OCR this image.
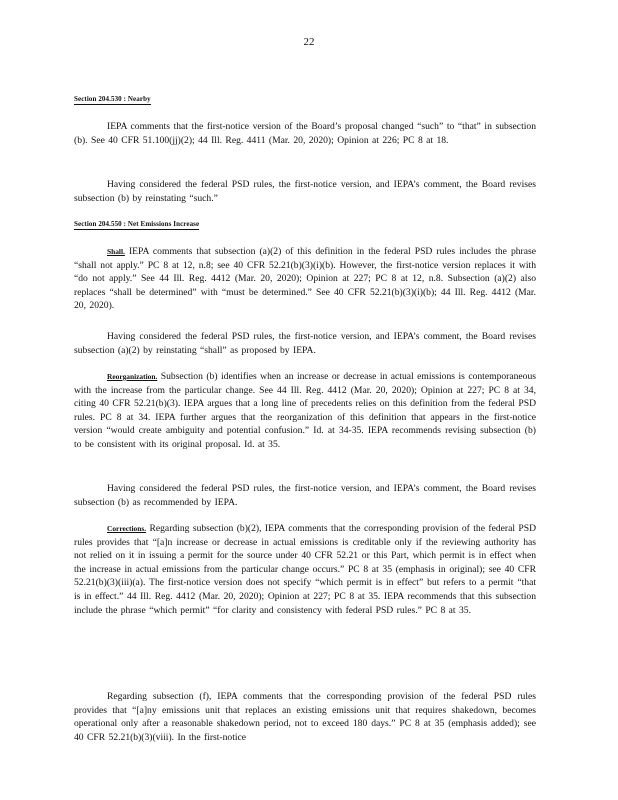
22
Section 204.530 : Nearby
IEPA comments that the first-notice version of the Board’s proposal changed “such” to “that” in subsection (b). See 40 CFR 51.100(jj)(2); 44 Ill. Reg. 4411 (Mar. 20, 2020); Opinion at 226; PC 8 at 18.
Having considered the federal PSD rules, the first-notice version, and IEPA’s comment, the Board revises subsection (b) by reinstating “such.”
Section 204.550 : Net Emissions Increase
Shall. IEPA comments that subsection (a)(2) of this definition in the federal PSD rules includes the phrase “shall not apply.” PC 8 at 12, n.8; see 40 CFR 52.21(b)(3)(i)(b). However, the first-notice version replaces it with “do not apply.” See 44 Ill. Reg. 4412 (Mar. 20, 2020); Opinion at 227; PC 8 at 12, n.8. Subsection (a)(2) also replaces “shall be determined” with “must be determined.” See 40 CFR 52.21(b)(3)(i)(b); 44 Ill. Reg. 4412 (Mar. 20, 2020).
Having considered the federal PSD rules, the first-notice version, and IEPA’s comment, the Board revises subsection (a)(2) by reinstating “shall” as proposed by IEPA.
Reorganization. Subsection (b) identifies when an increase or decrease in actual emissions is contemporaneous with the increase from the particular change. See 44 Ill. Reg. 4412 (Mar. 20, 2020); Opinion at 227; PC 8 at 34, citing 40 CFR 52.21(b)(3). IEPA argues that a long line of precedents relies on this definition from the federal PSD rules. PC 8 at 34. IEPA further argues that the reorganization of this definition that appears in the first-notice version “would create ambiguity and potential confusion.” Id. at 34-35. IEPA recommends revising subsection (b) to be consistent with its original proposal. Id. at 35.
Having considered the federal PSD rules, the first-notice version, and IEPA’s comment, the Board revises subsection (b) as recommended by IEPA.
Corrections. Regarding subsection (b)(2), IEPA comments that the corresponding provision of the federal PSD rules provides that “[a]n increase or decrease in actual emissions is creditable only if the reviewing authority has not relied on it in issuing a permit for the source under 40 CFR 52.21 or this Part, which permit is in effect when the increase in actual emissions from the particular change occurs.” PC 8 at 35 (emphasis in original); see 40 CFR 52.21(b)(3)(iii)(a). The first-notice version does not specify “which permit is in effect” but refers to a permit “that is in effect.” 44 Ill. Reg. 4412 (Mar. 20, 2020); Opinion at 227; PC 8 at 35. IEPA recommends that this subsection include the phrase “which permit” “for clarity and consistency with federal PSD rules.” PC 8 at 35.
Regarding subsection (f), IEPA comments that the corresponding provision of the federal PSD rules provides that “[a]ny emissions unit that replaces an existing emissions unit that requires shakedown, becomes operational only after a reasonable shakedown period, not to exceed 180 days.” PC 8 at 35 (emphasis added); see 40 CFR 52.21(b)(3)(viii). In the first-notice
